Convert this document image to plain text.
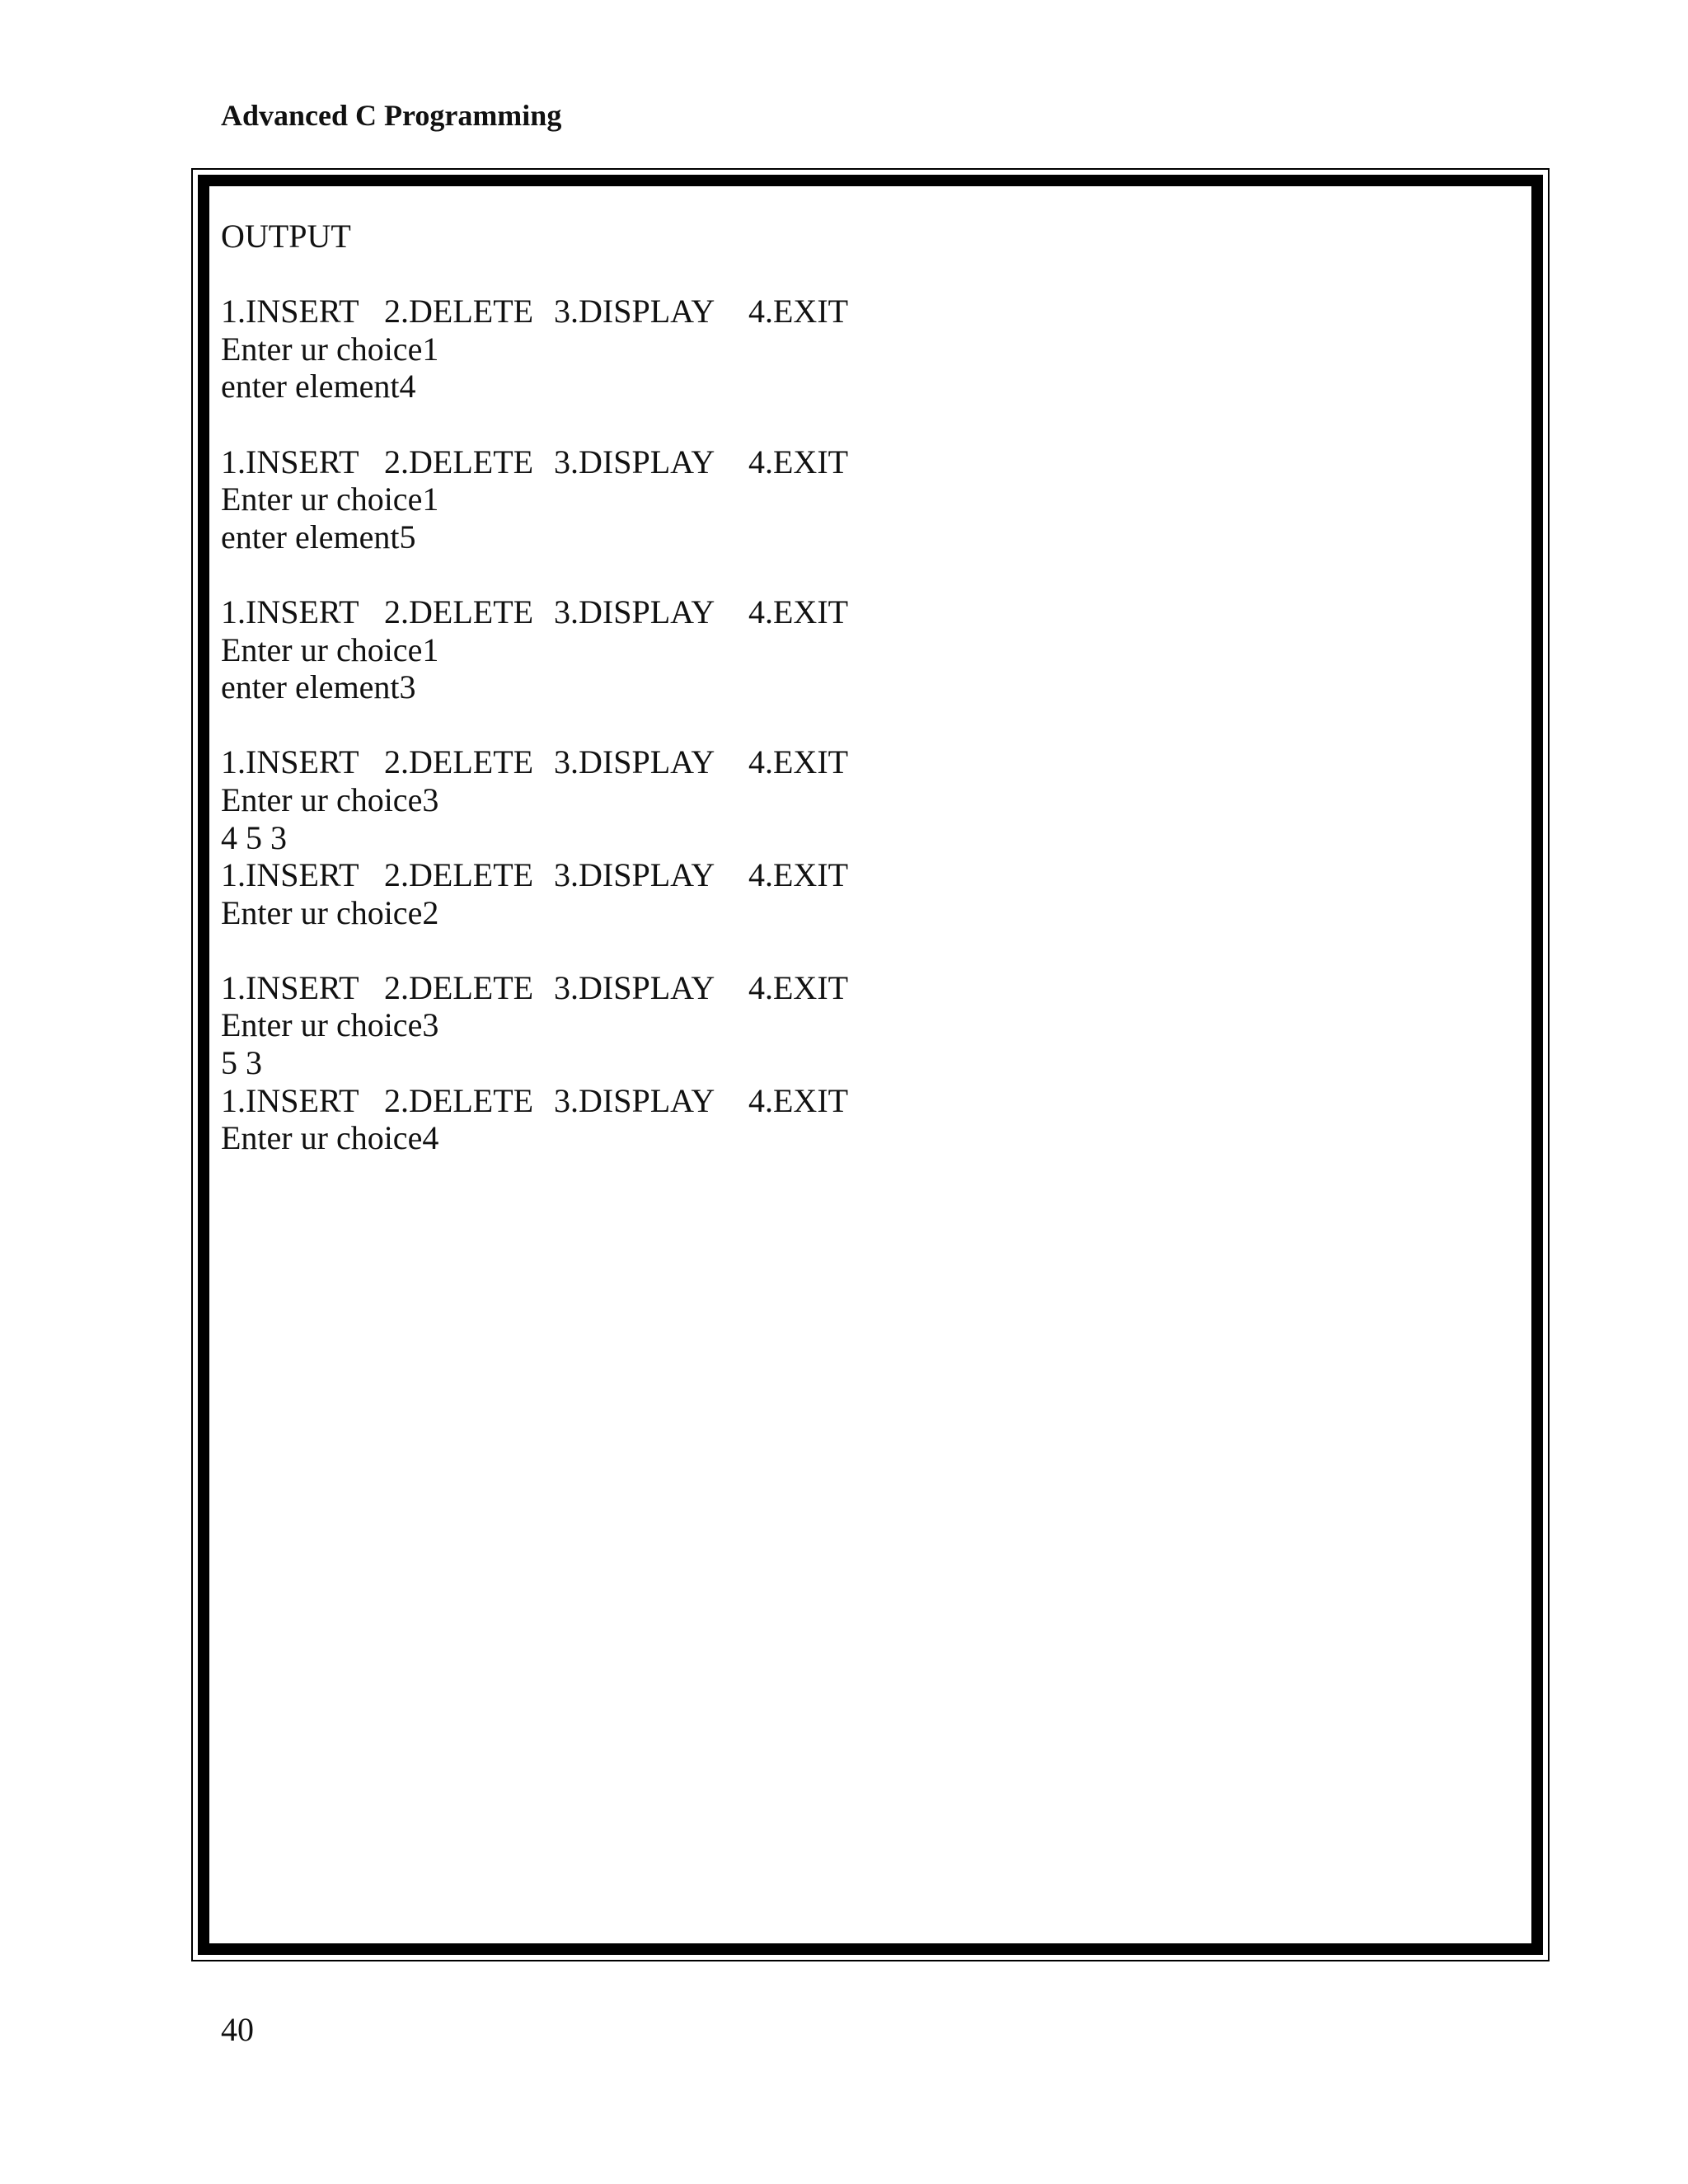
Advanced C Programming
OUTPUT
1.INSERT 2.DELETE 3.DISPLAY 4.EXIT
Enter ur choice1
enter element4
1.INSERT 2.DELETE 3.DISPLAY 4.EXIT
Enter ur choice1
enter element5
1.INSERT 2.DELETE 3.DISPLAY 4.EXIT
Enter ur choice1
enter element3
1.INSERT 2.DELETE 3.DISPLAY 4.EXIT
Enter ur choice3
4 5 3
1.INSERT 2.DELETE 3.DISPLAY 4.EXIT
Enter ur choice2
1.INSERT 2.DELETE 3.DISPLAY 4.EXIT
Enter ur choice3
5 3
1.INSERT 2.DELETE 3.DISPLAY 4.EXIT
Enter ur choice4
40
